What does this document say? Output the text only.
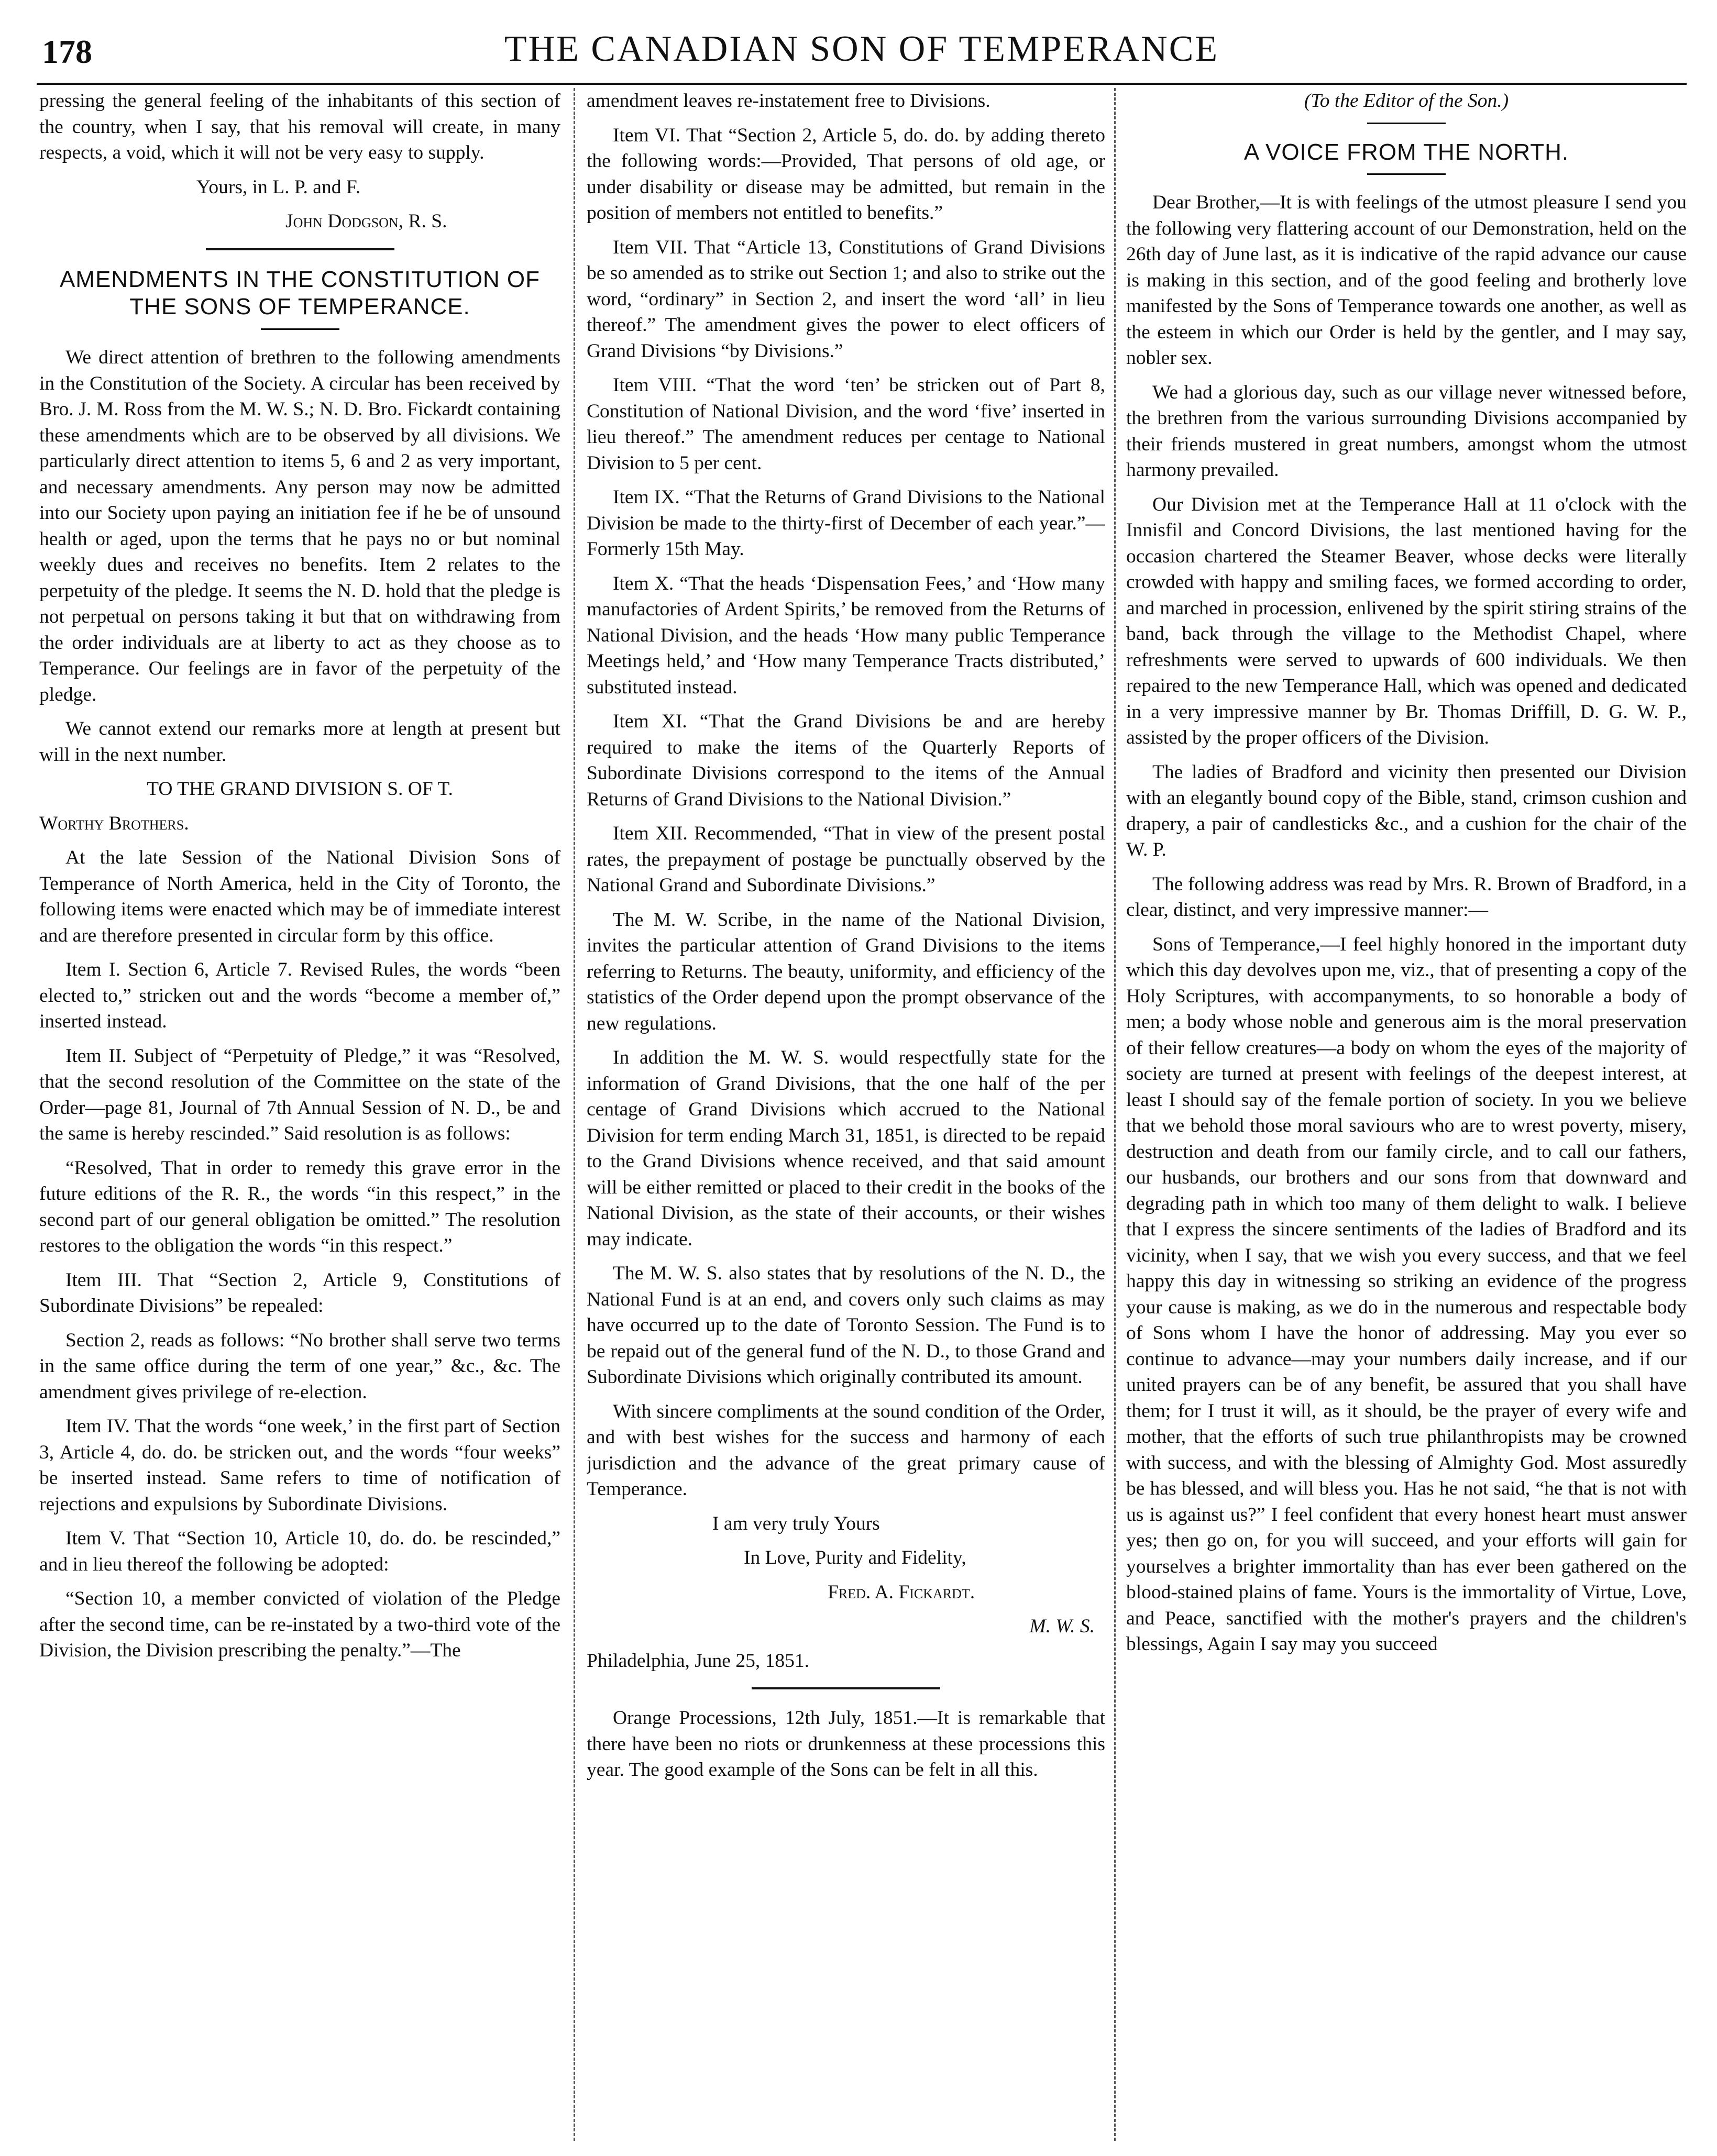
178	THE CANADIAN SON OF TEMPERANCE

pressing the general feeling of the inhabitants of this section of the country, when I say, that his removal will create, in many respects, a void, which it will not be very easy to supply.

Yours, in L. P. and F.

John Dodgson, R. S.

AMENDMENTS IN THE CONSTITUTION OF THE SONS OF TEMPERANCE.

We direct attention of brethren to the following amendments in the Constitution of the Society. A circular has been received by Bro. J. M. Ross from the M. W. S.; N. D. Bro. Fickardt containing these amendments which are to be observed by all divisions. We particularly direct attention to items 5, 6 and 2 as very important, and necessary amendments. Any person may now be admitted into our Society upon paying an initiation fee if he be of unsound health or aged, upon the terms that he pays no or but nominal weekly dues and receives no benefits. Item 2 relates to the perpetuity of the pledge. It seems the N. D. hold that the pledge is not perpetual on persons taking it but that on withdrawing from the order individuals are at liberty to act as they choose as to Temperance. Our feelings are in favor of the perpetuity of the pledge.

We cannot extend our remarks more at length at present but will in the next number.

TO THE GRAND DIVISION S. OF T.

Worthy Brothers.

At the late Session of the National Division Sons of Temperance of North America, held in the City of Toronto, the following items were enacted which may be of immediate interest and are therefore presented in circular form by this office.

Item I. Section 6, Article 7. Revised Rules, the words “been elected to,” stricken out and the words “become a member of,” inserted instead.

Item II. Subject of “Perpetuity of Pledge,” it was “Resolved, that the second resolution of the Committee on the state of the Order—page 81, Journal of 7th Annual Session of N. D., be and the same is hereby rescinded.” Said resolution is as follows:

“Resolved, That in order to remedy this grave error in the future editions of the R. R., the words “in this respect,” in the second part of our general obligation be omitted.” The resolution restores to the obligation the words “in this respect.”

Item III. That “Section 2, Article 9, Constitutions of Subordinate Divisions” be repealed:

Section 2, reads as follows: “No brother shall serve two terms in the same office during the term of one year,” &c., &c. The amendment gives privilege of re-election.

Item IV. That the words “one week,’ in the first part of Section 3, Article 4, do. do. be stricken out, and the words “four weeks” be inserted instead. Same refers to time of notification of rejections and expulsions by Subordinate Divisions.

Item V. That “Section 10, Article 10, do. do. be rescinded,” and in lieu thereof the following be adopted:

“Section 10, a member convicted of violation of the Pledge after the second time, can be re-instated by a two-third vote of the Division, the Division prescribing the penalty.”—The

amendment leaves re-instatement free to Divisions.

Item VI. That “Section 2, Article 5, do. do. by adding thereto the following words:—Provided, That persons of old age, or under disability or disease may be admitted, but remain in the position of members not entitled to benefits.”

Item VII. That “Article 13, Constitutions of Grand Divisions be so amended as to strike out Section 1; and also to strike out the word, “ordinary” in Section 2, and insert the word ‘all’ in lieu thereof.” The amendment gives the power to elect officers of Grand Divisions “by Divisions.”

Item VIII. “That the word ‘ten’ be stricken out of Part 8, Constitution of National Division, and the word ‘five’ inserted in lieu thereof.” The amendment reduces per centage to National Division to 5 per cent.

Item IX. “That the Returns of Grand Divisions to the National Division be made to the thirty-first of December of each year.”—Formerly 15th May.

Item X. “That the heads ‘Dispensation Fees,’ and ‘How many manufactories of Ardent Spirits,’ be removed from the Returns of National Division, and the heads ‘How many public Temperance Meetings held,’ and ‘How many Temperance Tracts distributed,’ substituted instead.

Item XI. “That the Grand Divisions be and are hereby required to make the items of the Quarterly Reports of Subordinate Divisions correspond to the items of the Annual Returns of Grand Divisions to the National Division.”

Item XII. Recommended, “That in view of the present postal rates, the prepayment of postage be punctually observed by the National Grand and Subordinate Divisions.”

The M. W. Scribe, in the name of the National Division, invites the particular attention of Grand Divisions to the items referring to Returns. The beauty, uniformity, and efficiency of the statistics of the Order depend upon the prompt observance of the new regulations.

In addition the M. W. S. would respectfully state for the information of Grand Divisions, that the one half of the per centage of Grand Divisions which accrued to the National Division for term ending March 31, 1851, is directed to be repaid to the Grand Divisions whence received, and that said amount will be either remitted or placed to their credit in the books of the National Division, as the state of their accounts, or their wishes may indicate.

The M. W. S. also states that by resolutions of the N. D., the National Fund is at an end, and covers only such claims as may have occurred up to the date of Toronto Session. The Fund is to be repaid out of the general fund of the N. D., to those Grand and Subordinate Divisions which originally contributed its amount.

With sincere compliments at the sound condition of the Order, and with best wishes for the success and harmony of each jurisdiction and the advance of the great primary cause of Temperance.

I am very truly Yours

In Love, Purity and Fidelity,

Fred. A. Fickardt.

M. W. S.

Philadelphia, June 25, 1851.

Orange Processions, 12th July, 1851.—It is remarkable that there have been no riots or drunkenness at these processions this year. The good example of the Sons can be felt in all this.

(To the Editor of the Son.)

A VOICE FROM THE NORTH.

Dear Brother,—It is with feelings of the utmost pleasure I send you the following very flattering account of our Demonstration, held on the 26th day of June last, as it is indicative of the rapid advance our cause is making in this section, and of the good feeling and brotherly love manifested by the Sons of Temperance towards one another, as well as the esteem in which our Order is held by the gentler, and I may say, nobler sex.

We had a glorious day, such as our village never witnessed before, the brethren from the various surrounding Divisions accompanied by their friends mustered in great numbers, amongst whom the utmost harmony prevailed.

Our Division met at the Temperance Hall at 11 o'clock with the Innisfil and Concord Divisions, the last mentioned having for the occasion chartered the Steamer Beaver, whose decks were literally crowded with happy and smiling faces, we formed according to order, and marched in procession, enlivened by the spirit stiring strains of the band, back through the village to the Methodist Chapel, where refreshments were served to upwards of 600 individuals. We then repaired to the new Temperance Hall, which was opened and dedicated in a very impressive manner by Br. Thomas Driffill, D. G. W. P., assisted by the proper officers of the Division.

The ladies of Bradford and vicinity then presented our Division with an elegantly bound copy of the Bible, stand, crimson cushion and drapery, a pair of candlesticks &c., and a cushion for the chair of the W. P.

The following address was read by Mrs. R. Brown of Bradford, in a clear, distinct, and very impressive manner:—

Sons of Temperance,—I feel highly honored in the important duty which this day devolves upon me, viz., that of presenting a copy of the Holy Scriptures, with accompanyments, to so honorable a body of men; a body whose noble and generous aim is the moral preservation of their fellow creatures—a body on whom the eyes of the majority of society are turned at present with feelings of the deepest interest, at least I should say of the female portion of society. In you we believe that we behold those moral saviours who are to wrest poverty, misery, destruction and death from our family circle, and to call our fathers, our husbands, our brothers and our sons from that downward and degrading path in which too many of them delight to walk. I believe that I express the sincere sentiments of the ladies of Bradford and its vicinity, when I say, that we wish you every success, and that we feel happy this day in witnessing so striking an evidence of the progress your cause is making, as we do in the numerous and respectable body of Sons whom I have the honor of addressing. May you ever so continue to advance—may your numbers daily increase, and if our united prayers can be of any benefit, be assured that you shall have them; for I trust it will, as it should, be the prayer of every wife and mother, that the efforts of such true philanthropists may be crowned with success, and with the blessing of Almighty God. Most assuredly be has blessed, and will bless you. Has he not said, “he that is not with us is against us?” I feel confident that every honest heart must answer yes; then go on, for you will succeed, and your efforts will gain for yourselves a brighter immortality than has ever been gathered on the blood-stained plains of fame. Yours is the immortality of Virtue, Love, and Peace, sanctified with the mother's prayers and the children's blessings, Again I say may you succeed
